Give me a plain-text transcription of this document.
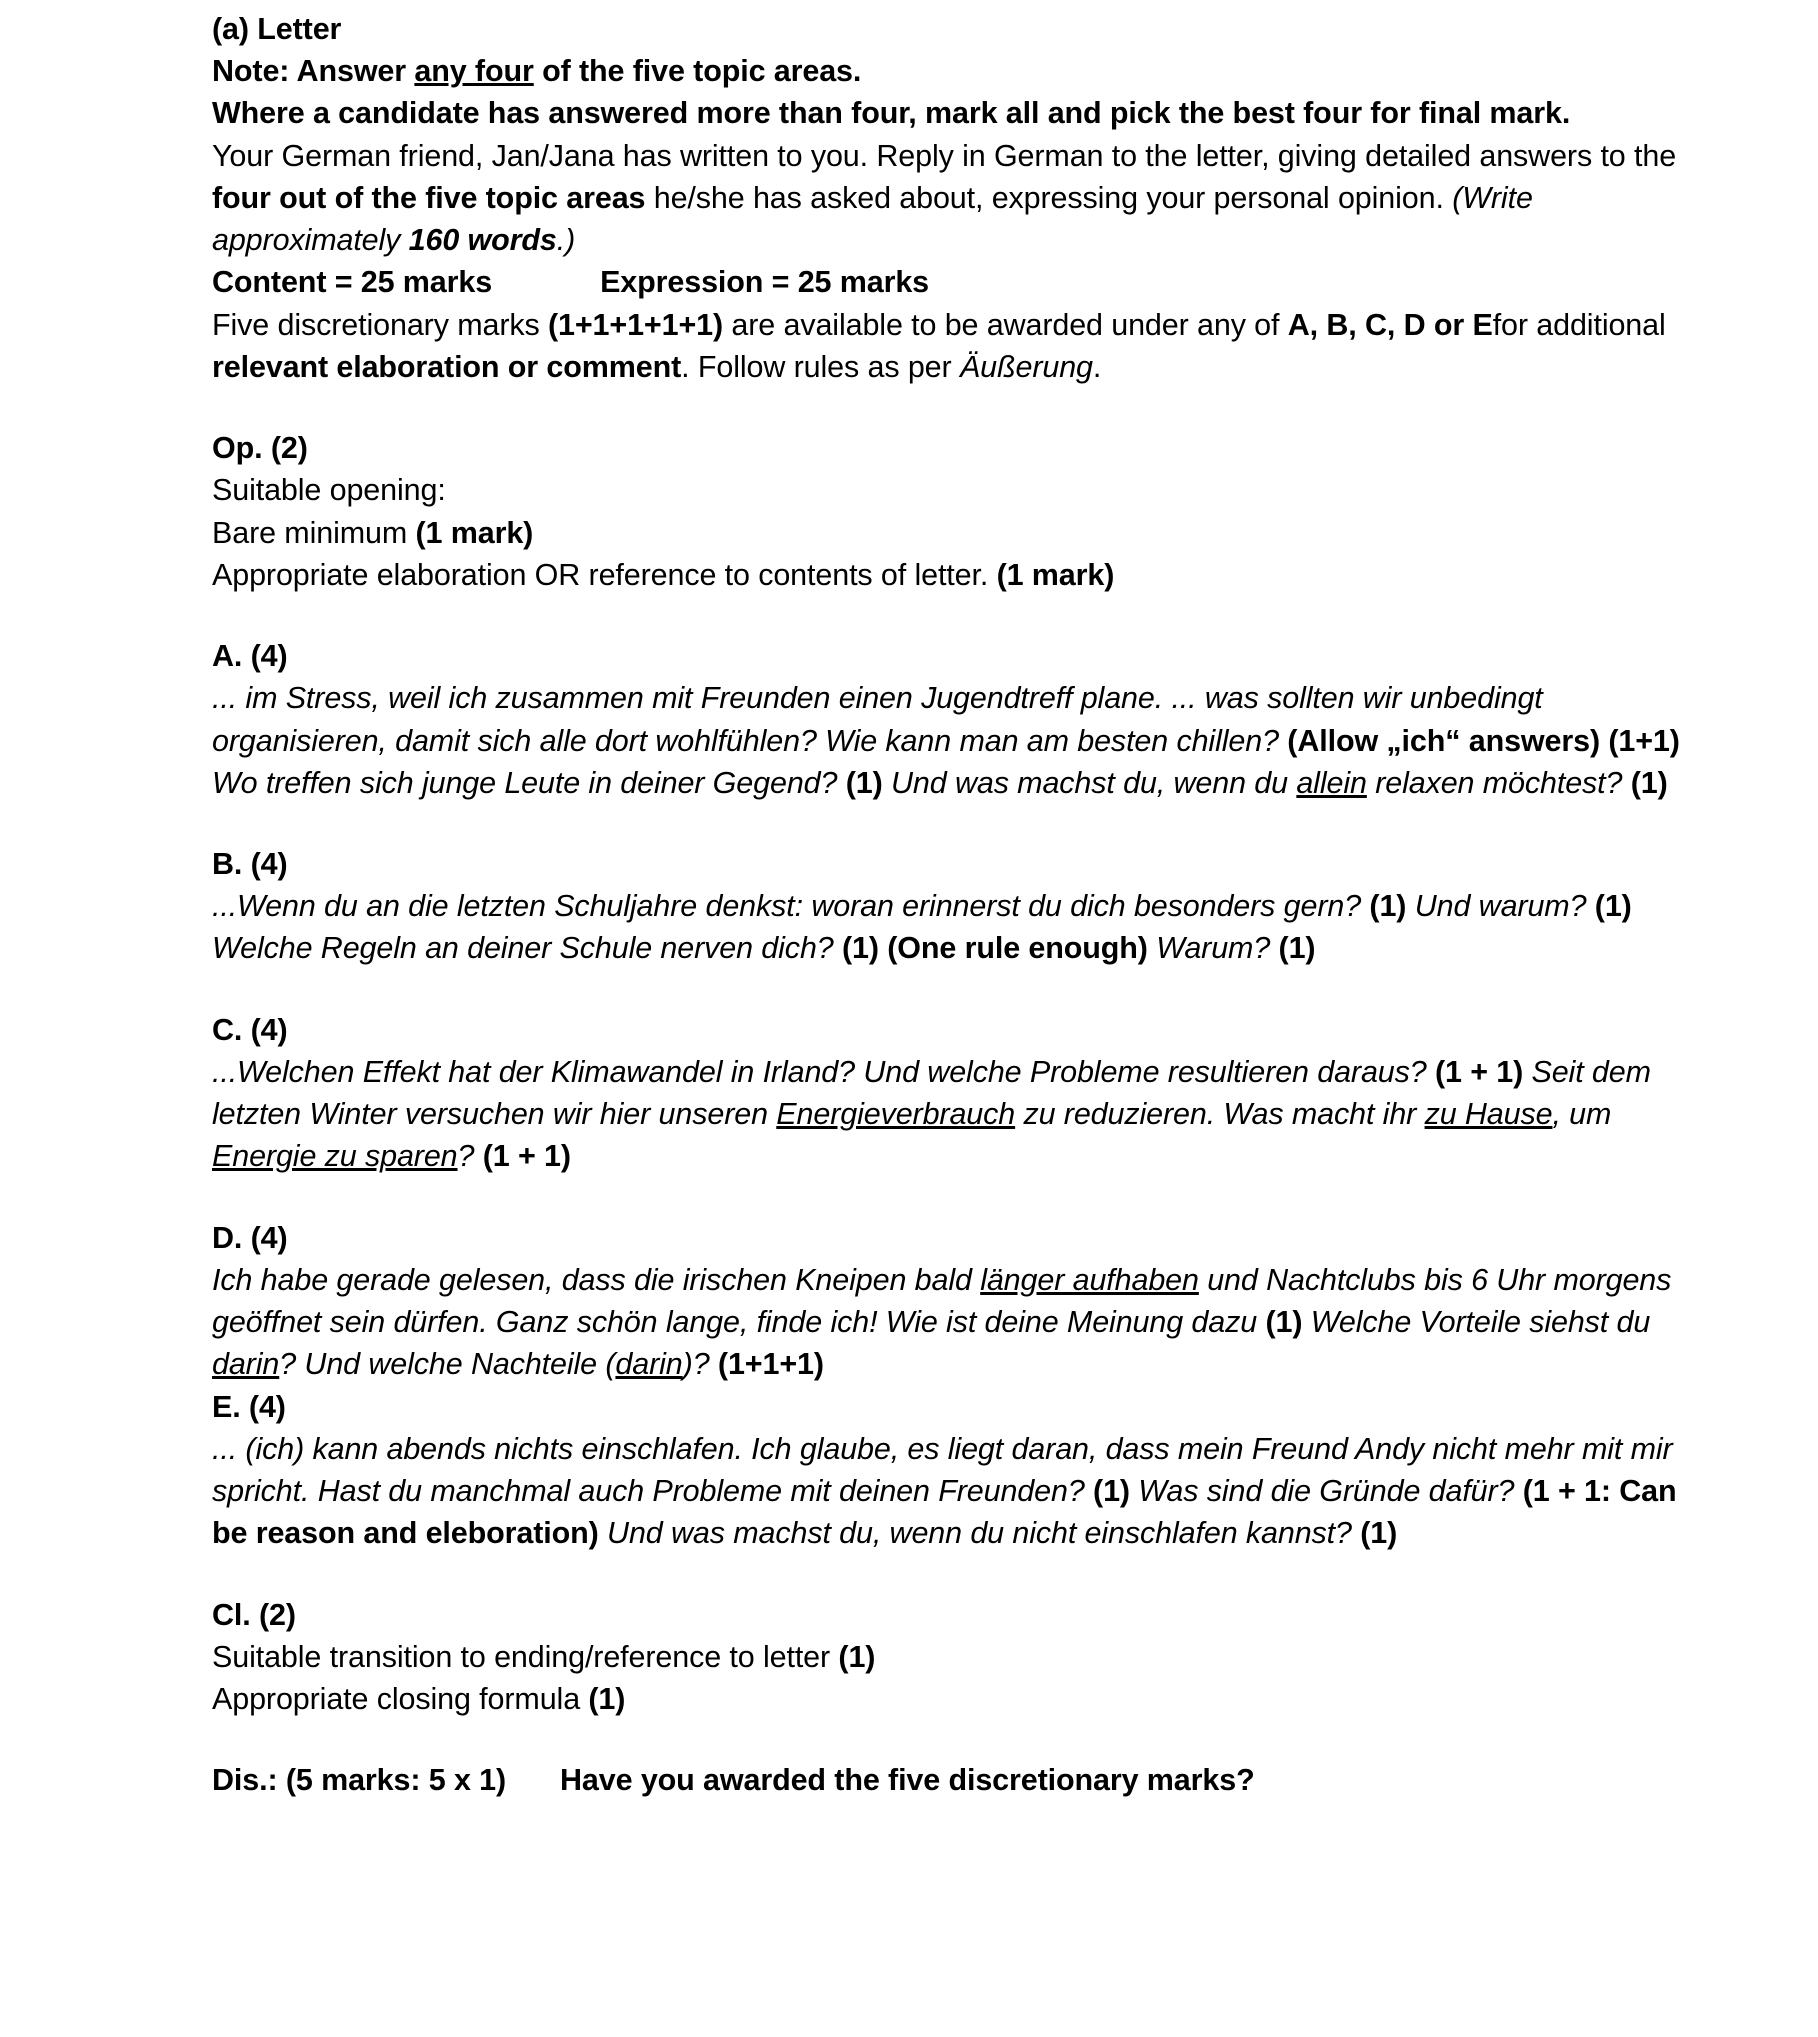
(a) Letter

Note: Answer any four of the five topic areas.

Where a candidate has answered more than four, mark all and pick the best four for final mark.

Your German friend, Jan/Jana has written to you. Reply in German to the letter, giving detailed answers to the four out of the five topic areas he/she has asked about, expressing your personal opinion. (Write approximately 160 words.)

Content = 25 marks	Expression = 25 marks

Five discretionary marks (1+1+1+1+1) are available to be awarded under any of A, B, C, D or Efor additional relevant elaboration or comment. Follow rules as per Äußerung.

Op. (2)

Suitable opening:

Bare minimum (1 mark)

Appropriate elaboration OR reference to contents of letter. (1 mark)

A. (4)

... im Stress, weil ich zusammen mit Freunden einen Jugendtreff plane. ... was sollten wir unbedingt organisieren, damit sich alle dort wohlfühlen? Wie kann man am besten chillen? (Allow „ich“ answers) (1+1) Wo treffen sich junge Leute in deiner Gegend? (1) Und was machst du, wenn du allein relaxen möchtest? (1)

B. (4)

...Wenn du an die letzten Schuljahre denkst: woran erinnerst du dich besonders gern? (1) Und warum? (1) Welche Regeln an deiner Schule nerven dich? (1) (One rule enough) Warum? (1)

C. (4)

...Welchen Effekt hat der Klimawandel in Irland? Und welche Probleme resultieren daraus? (1 + 1) Seit dem letzten Winter versuchen wir hier unseren Energieverbrauch zu reduzieren. Was macht ihr zu Hause, um Energie zu sparen? (1 + 1)

D. (4)

Ich habe gerade gelesen, dass die irischen Kneipen bald länger aufhaben und Nachtclubs bis 6 Uhr morgens geöffnet sein dürfen. Ganz schön lange, finde ich! Wie ist deine Meinung dazu (1) Welche Vorteile siehst du darin? Und welche Nachteile (darin)? (1+1+1)

E. (4)

... (ich) kann abends nichts einschlafen. Ich glaube, es liegt daran, dass mein Freund Andy nicht mehr mit mir spricht. Hast du manchmal auch Probleme mit deinen Freunden? (1) Was sind die Gründe dafür? (1 + 1: Can be reason and eleboration) Und was machst du, wenn du nicht einschlafen kannst? (1)

Cl. (2)

Suitable transition to ending/reference to letter (1)

Appropriate closing formula (1)

Dis.: (5 marks: 5 x 1) Have you awarded the five discretionary marks?
